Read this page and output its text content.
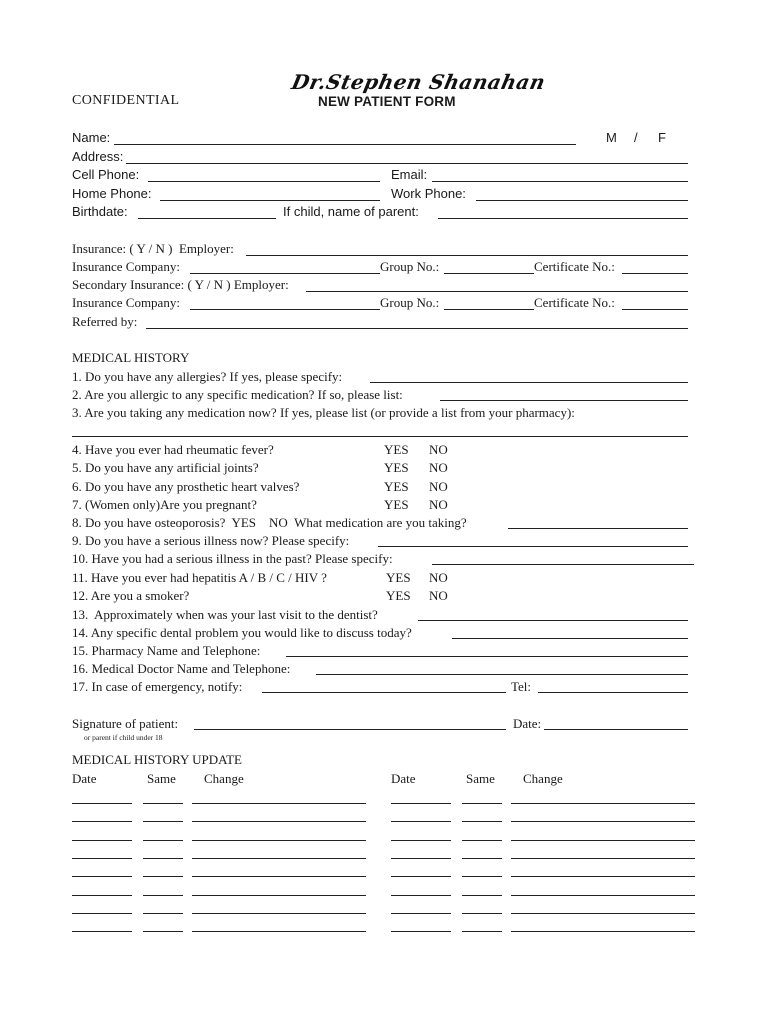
Dr.Stephen Shanahan
CONFIDENTIAL	NEW PATIENT FORM
Name:	M / F
Address:
Cell Phone:	Email:
Home Phone:	Work Phone:
Birthdate:	If child, name of parent:
Insurance: ( Y / N )  Employer:
Insurance Company:	Group No.:	Certificate No.:
Secondary Insurance: ( Y / N ) Employer:
Insurance Company:	Group No.:	Certificate No.:
Referred by:
MEDICAL HISTORY
1. Do you have any allergies? If yes, please specify:
2. Are you allergic to any specific medication? If so, please list:
3. Are you taking any medication now? If yes, please list (or provide a list from your pharmacy):
4. Have you ever had rheumatic fever?	YES NO
5. Do you have any artificial joints?	YES NO
6. Do you have any prosthetic heart valves?	YES NO
7. (Women only)Are you pregnant?	YES NO
8. Do you have osteoporosis?  YES    NO  What medication are you taking?
9. Do you have a serious illness now? Please specify:
10. Have you had a serious illness in the past? Please specify:
11. Have you ever had hepatitis A / B / C / HIV ?	YES NO
12. Are you a smoker?	YES NO
13.  Approximately when was your last visit to the dentist?
14. Any specific dental problem you would like to discuss today?
15. Pharmacy Name and Telephone:
16. Medical Doctor Name and Telephone:
17. In case of emergency, notify:	Tel:
Signature of patient:	Date:
or parent if child under 18
MEDICAL HISTORY UPDATE
Date	Same Change	Date	Same Change
